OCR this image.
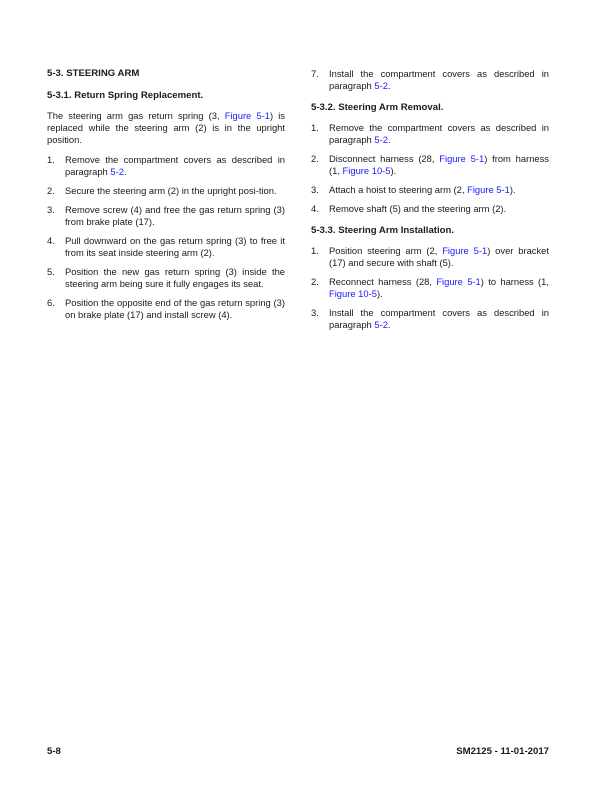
5-3. STEERING ARM
5-3.1. Return Spring Replacement.

The steering arm gas return spring (3, Figure 5-1) is replaced while the steering arm (2) is in the upright position.

1. Remove the compartment covers as described in paragraph 5-2.
2. Secure the steering arm (2) in the upright posi-tion.
3. Remove screw (4) and free the gas return spring (3) from brake plate (17).
4. Pull downward on the gas return spring (3) to free it from its seat inside steering arm (2).
5. Position the new gas return spring (3) inside the steering arm being sure it fully engages its seat.
6. Position the opposite end of the gas return spring (3) on brake plate (17) and install screw (4).
7. Install the compartment covers as described in paragraph 5-2.
5-3.2. Steering Arm Removal.
1. Remove the compartment covers as described in paragraph 5-2.
2. Disconnect harness (28, Figure 5-1) from harness (1, Figure 10-5).
3. Attach a hoist to steering arm (2, Figure 5-1).
4. Remove shaft (5) and the steering arm (2).
5-3.3. Steering Arm Installation.
1. Position steering arm (2, Figure 5-1) over bracket (17) and secure with shaft (5).
2. Reconnect harness (28, Figure 5-1) to harness (1, Figure 10-5).
3. Install the compartment covers as described in paragraph 5-2.
5-8	SM2125 - 11-01-2017
